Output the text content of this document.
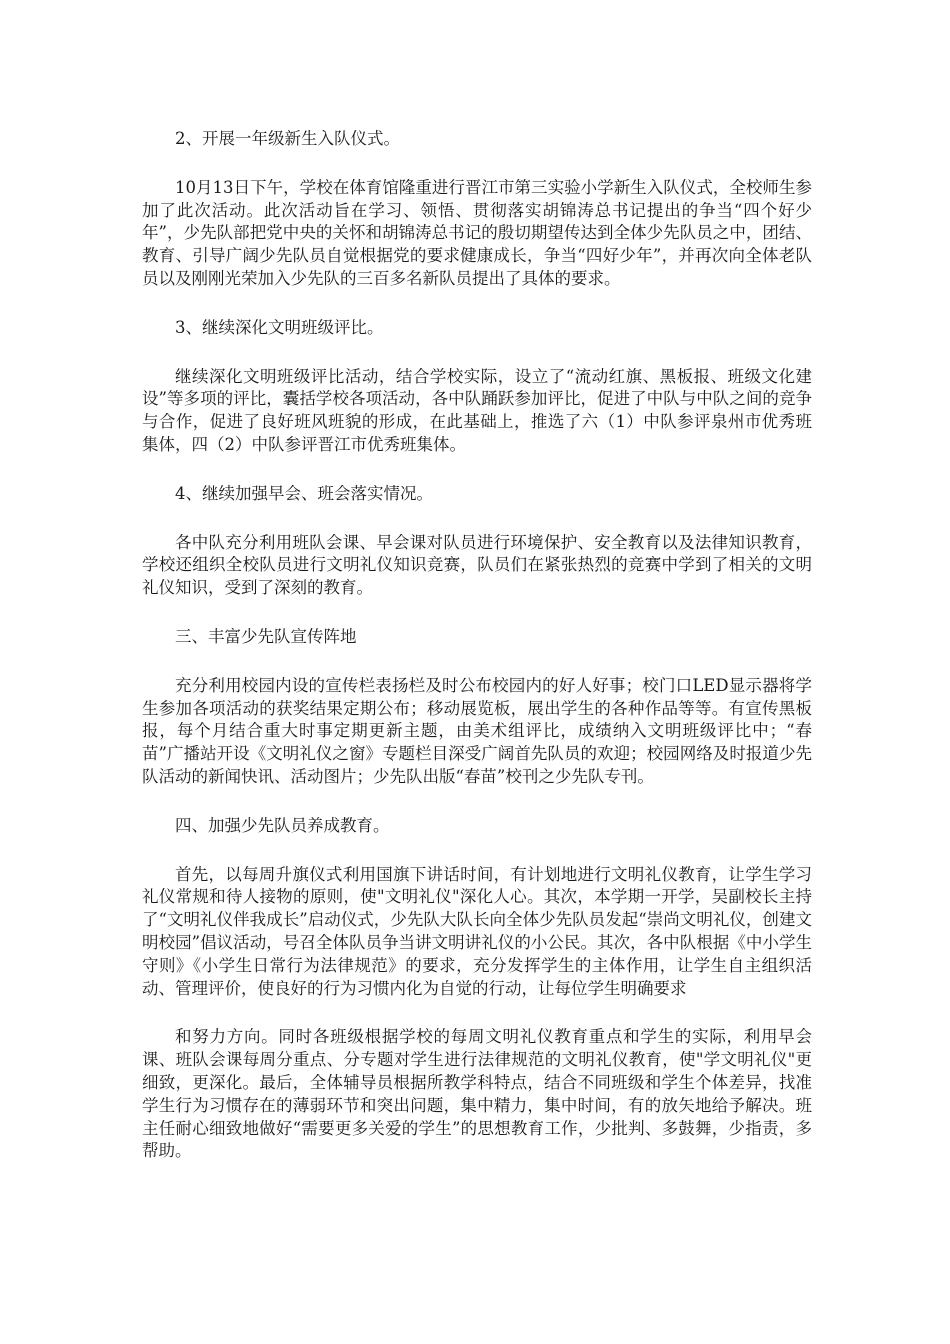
2、开展一年级新生入队仪式。

10月13日下午，学校在体育馆隆重进行晋江市第三实验小学新生入队仪式，全校师生参加了此次活动。此次活动旨在学习、领悟、贯彻落实胡锦涛总书记提出的争当“四个好少年”，少先队部把党中央的关怀和胡锦涛总书记的殷切期望传达到全体少先队员之中，团结、教育、引导广阔少先队员自觉根据党的要求健康成长，争当“四好少年”，并再次向全体老队员以及刚刚光荣加入少先队的三百多名新队员提出了具体的要求。

3、继续深化文明班级评比。

继续深化文明班级评比活动，结合学校实际，设立了“流动红旗、黑板报、班级文化建设”等多项的评比，囊括学校各项活动，各中队踊跃参加评比，促进了中队与中队之间的竞争与合作，促进了良好班风班貌的形成，在此基础上，推选了六（1）中队参评泉州市优秀班集体，四（2）中队参评晋江市优秀班集体。

4、继续加强早会、班会落实情况。

各中队充分利用班队会课、早会课对队员进行环境保护、安全教育以及法律知识教育，学校还组织全校队员进行文明礼仪知识竞赛，队员们在紧张热烈的竞赛中学到了相关的文明礼仪知识，受到了深刻的教育。

三、丰富少先队宣传阵地

充分利用校园内设的宣传栏表扬栏及时公布校园内的好人好事；校门口LED显示器将学生参加各项活动的获奖结果定期公布；移动展览板，展出学生的各种作品等等。有宣传黑板报，每个月结合重大时事定期更新主题，由美术组评比，成绩纳入文明班级评比中；“春苗”广播站开设《文明礼仪之窗》专题栏目深受广阔首先队员的欢迎；校园网络及时报道少先队活动的新闻快讯、活动图片；少先队出版“春苗”校刊之少先队专刊。

四、加强少先队员养成教育。

首先，以每周升旗仪式利用国旗下讲话时间，有计划地进行文明礼仪教育，让学生学习礼仪常规和待人接物的原则，使"文明礼仪"深化人心。其次，本学期一开学，吴副校长主持了“文明礼仪伴我成长”启动仪式，少先队大队长向全体少先队员发起“崇尚文明礼仪，创建文明校园”倡议活动，号召全体队员争当讲文明讲礼仪的小公民。其次，各中队根据《中小学生守则》《小学生日常行为法律规范》的要求，充分发挥学生的主体作用，让学生自主组织活动、管理评价，使良好的行为习惯内化为自觉的行动，让每位学生明确要求

和努力方向。同时各班级根据学校的每周文明礼仪教育重点和学生的实际，利用早会课、班队会课每周分重点、分专题对学生进行法律规范的文明礼仪教育，使"学文明礼仪"更细致，更深化。最后，全体辅导员根据所教学科特点，结合不同班级和学生个体差异，找准学生行为习惯存在的薄弱环节和突出问题，集中精力，集中时间，有的放矢地给予解决。班主任耐心细致地做好“需要更多关爱的学生”的思想教育工作，少批判、多鼓舞，少指责，多帮助。
